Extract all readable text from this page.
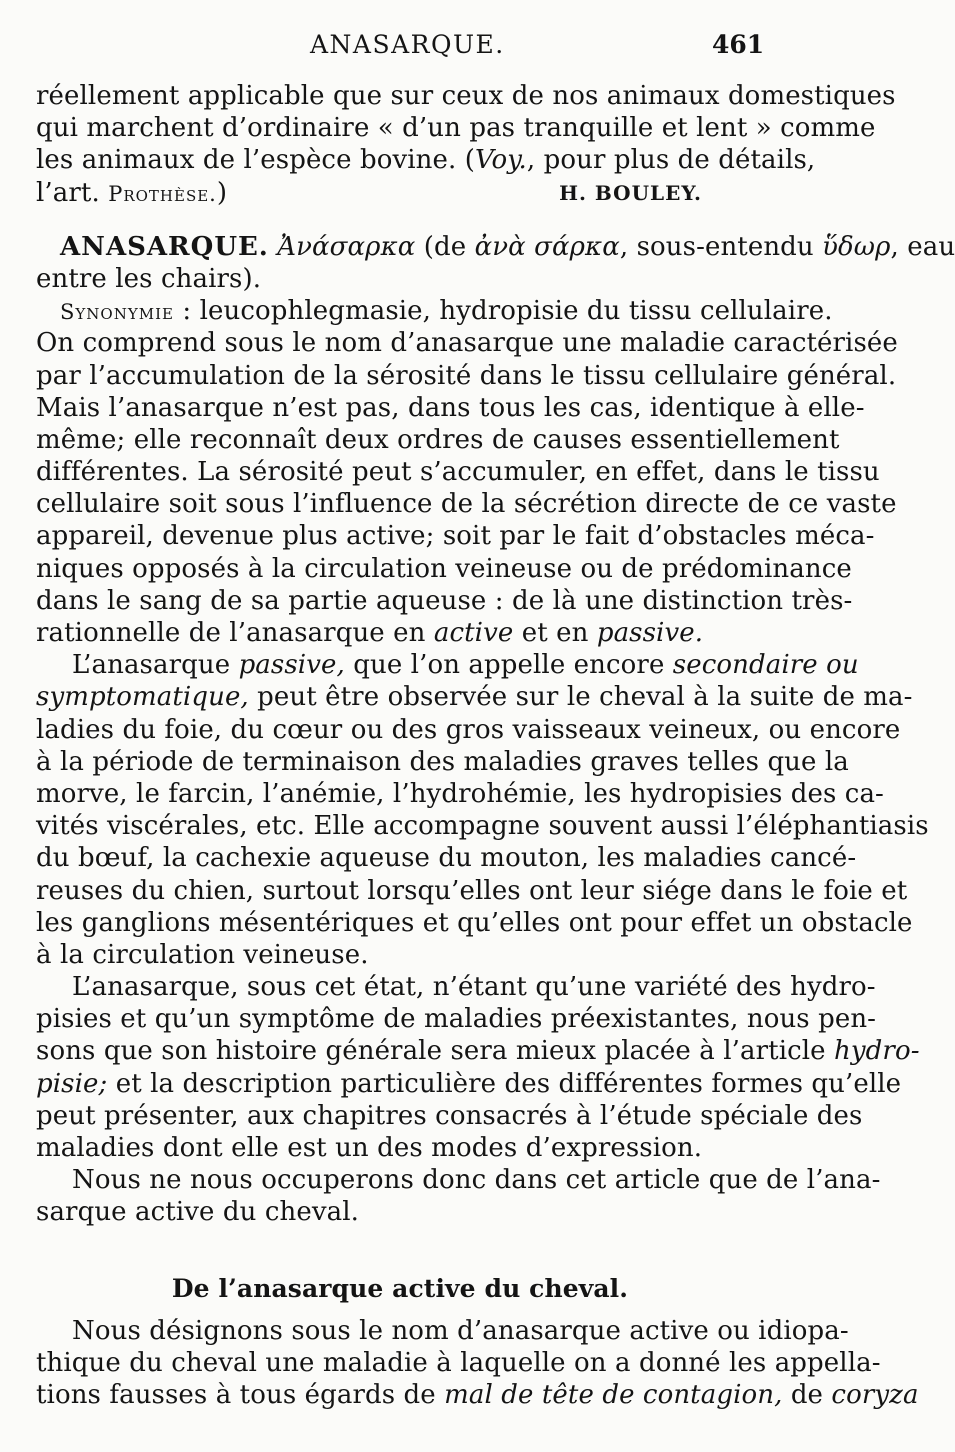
ANASARQUE.	461
réellement applicable que sur ceux de nos animaux domestiques
qui marchent d’ordinaire « d’un pas tranquille et lent » comme
les animaux de l’espèce bovine. (Voy., pour plus de détails,
l’art. Prothèse.)	H. BOULEY.
ANASARQUE. Ἀνάσαρκα (de ἀνὰ σάρκα, sous-entendu ὕδωρ, eau
entre les chairs).
Synonymie : leucophlegmasie, hydropisie du tissu cellulaire.
On comprend sous le nom d’anasarque une maladie caractérisée
par l’accumulation de la sérosité dans le tissu cellulaire général.
Mais l’anasarque n’est pas, dans tous les cas, identique à elle-
même; elle reconnaît deux ordres de causes essentiellement
différentes. La sérosité peut s’accumuler, en effet, dans le tissu
cellulaire soit sous l’influence de la sécrétion directe de ce vaste
appareil, devenue plus active; soit par le fait d’obstacles méca-
niques opposés à la circulation veineuse ou de prédominance
dans le sang de sa partie aqueuse : de là une distinction très-
rationnelle de l’anasarque en active et en passive.
L’anasarque passive, que l’on appelle encore secondaire ou
symptomatique, peut être observée sur le cheval à la suite de ma-
ladies du foie, du cœur ou des gros vaisseaux veineux, ou encore
à la période de terminaison des maladies graves telles que la
morve, le farcin, l’anémie, l’hydrohémie, les hydropisies des ca-
vités viscérales, etc. Elle accompagne souvent aussi l’éléphantiasis
du bœuf, la cachexie aqueuse du mouton, les maladies cancé-
reuses du chien, surtout lorsqu’elles ont leur siége dans le foie et
les ganglions mésentériques et qu’elles ont pour effet un obstacle
à la circulation veineuse.
L’anasarque, sous cet état, n’étant qu’une variété des hydro-
pisies et qu’un symptôme de maladies préexistantes, nous pen-
sons que son histoire générale sera mieux placée à l’article hydro-
pisie; et la description particulière des différentes formes qu’elle
peut présenter, aux chapitres consacrés à l’étude spéciale des
maladies dont elle est un des modes d’expression.
Nous ne nous occuperons donc dans cet article que de l’ana-
sarque active du cheval.
De l’anasarque active du cheval.
Nous désignons sous le nom d’anasarque active ou idiopa-
thique du cheval une maladie à laquelle on a donné les appella-
tions fausses à tous égards de mal de tête de contagion, de coryza
